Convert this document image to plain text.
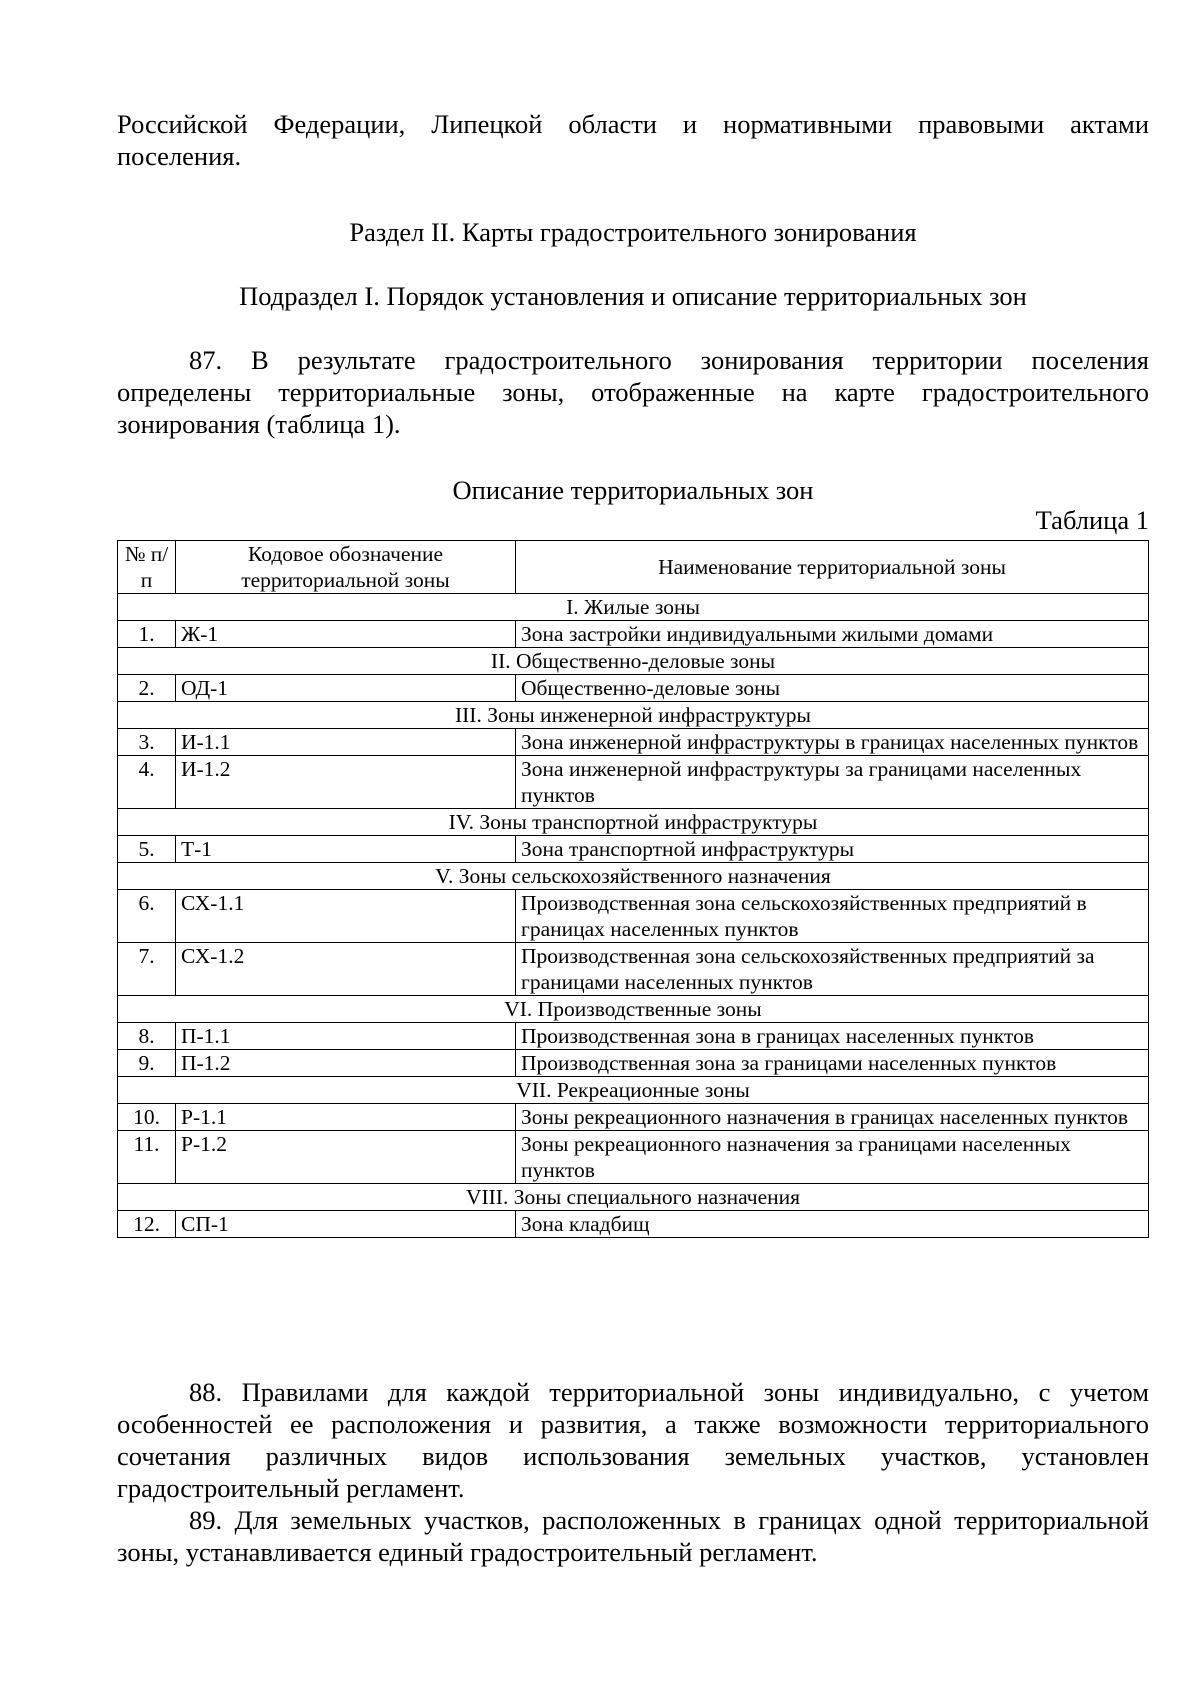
Российской Федерации, Липецкой области и нормативными правовыми актами

поселения.

Раздел II. Карты градостроительного зонирования
Подраздел I. Порядок установления и описание территориальных зон

87. В результате градостроительного зонирования территории поселения определены территориальные зоны, отображенные на карте градостроительного зонирования (таблица 1).

Описание территориальных зон

Таблица 1

№ п/п	Кодовое обозначение территориальной зоны	Наименование территориальной зоны
I. Жилые зоны		
1.	Ж-1	Зона застройки индивидуальными жилыми домами
II. Общественно-деловые зоны		
2.	ОД-1	Общественно-деловые зоны
III. Зоны инженерной инфраструктуры		
3.	И-1.1	Зона инженерной инфраструктуры в границах населенных пунктов
4.	И-1.2	Зона инженерной инфраструктуры за границами населенных пунктов
IV. Зоны транспортной инфраструктуры		
5.	Т-1	Зона транспортной инфраструктуры
V. Зоны сельскохозяйственного назначения		
6.	СХ-1.1	Производственная зона сельскохозяйственных предприятий в границах населенных пунктов
7.	СХ-1.2	Производственная зона сельскохозяйственных предприятий за границами населенных пунктов
VI. Производственные зоны		
8.	П-1.1	Производственная зона в границах населенных пунктов
9.	П-1.2	Производственная зона за границами населенных пунктов
VII. Рекреационные зоны		
10.	Р-1.1	Зоны рекреационного назначения в границах населенных пунктов
11.	Р-1.2	Зоны рекреационного назначения за границами населенных пунктов
VIII. Зоны специального назначения		
12.	СП-1	Зона кладбищ

88. Правилами для каждой территориальной зоны индивидуально, с учетом особенностей ее расположения и развития, а также возможности территориального сочетания различных видов использования земельных участков, установлен градостроительный регламент.

89. Для земельных участков, расположенных в границах одной территориальной зоны, устанавливается единый градостроительный регламент.
